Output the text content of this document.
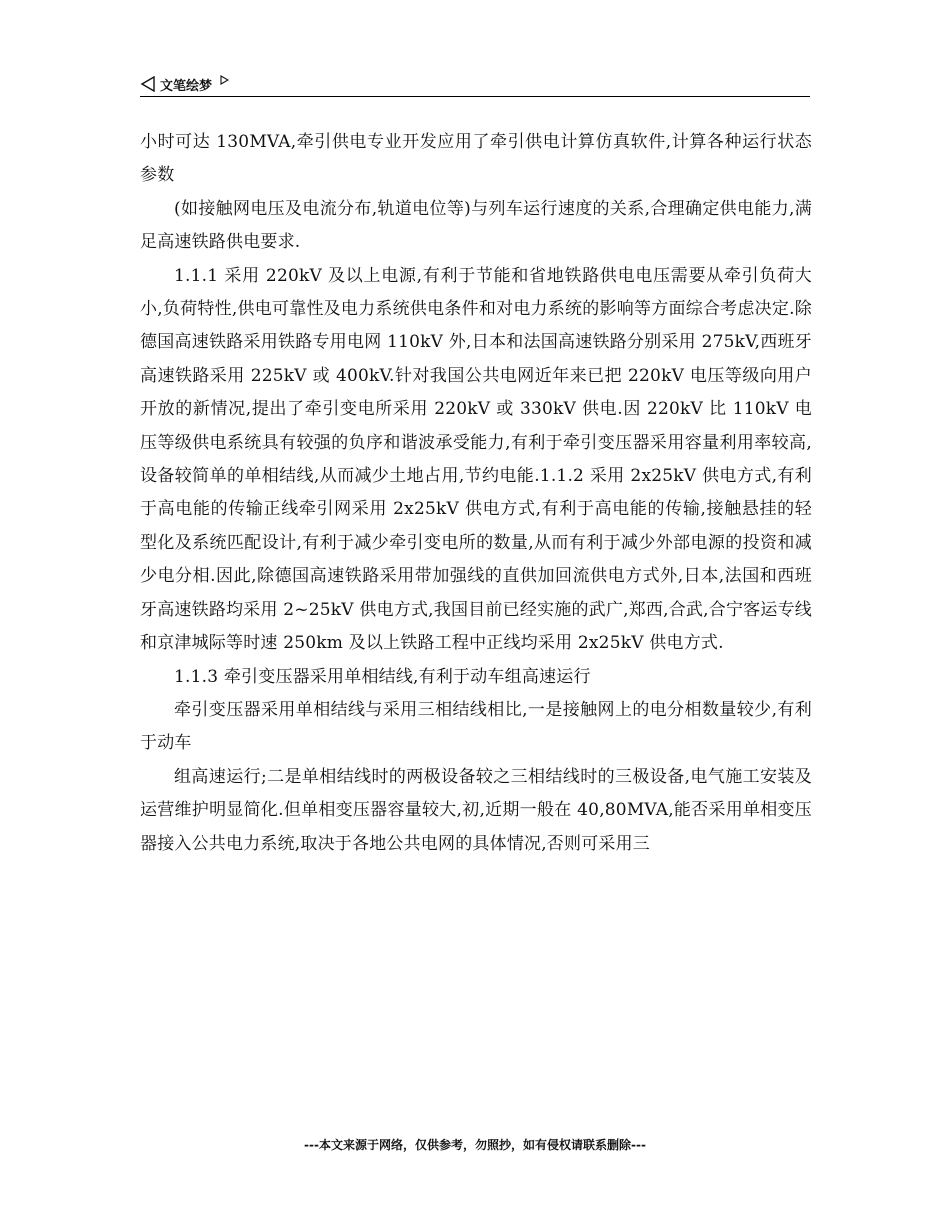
文笔绘梦

小时可达 130MVA,牵引供电专业开发应用了牵引供电计算仿真软件,计算各种运行状态参数

(如接触网电压及电流分布,轨道电位等)与列车运行速度的关系,合理确定供电能力,满足高速铁路供电要求.

1.1.1 采用 220kV 及以上电源,有利于节能和省地铁路供电电压需要从牵引负荷大小,负荷特性,供电可靠性及电力系统供电条件和对电力系统的影响等方面综合考虑决定.除德国高速铁路采用铁路专用电网 110kV 外,日本和法国高速铁路分别采用 275kV,西班牙高速铁路采用 225kV 或 400kV.针对我国公共电网近年来已把 220kV 电压等级向用户开放的新情况,提出了牵引变电所采用 220kV 或 330kV 供电.因 220kV 比 110kV 电压等级供电系统具有较强的负序和谐波承受能力,有利于牵引变压器采用容量利用率较高,设备较简单的单相结线,从而减少土地占用,节约电能.1.1.2 采用 2x25kV 供电方式,有利于高电能的传输正线牵引网采用 2x25kV 供电方式,有利于高电能的传输,接触悬挂的轻型化及系统匹配设计,有利于减少牵引变电所的数量,从而有利于减少外部电源的投资和减少电分相.因此,除德国高速铁路采用带加强线的直供加回流供电方式外,日本,法国和西班牙高速铁路均采用 2~25kV 供电方式,我国目前已经实施的武广,郑西,合武,合宁客运专线和京津城际等时速 250km 及以上铁路工程中正线均采用 2x25kV 供电方式.

1.1.3 牵引变压器采用单相结线,有利于动车组高速运行

牵引变压器采用单相结线与采用三相结线相比,一是接触网上的电分相数量较少,有利于动车

组高速运行;二是单相结线时的两极设备较之三相结线时的三极设备,电气施工安装及运营维护明显简化.但单相变压器容量较大,初,近期一般在 40,80MVA,能否采用单相变压器接入公共电力系统,取决于各地公共电网的具体情况,否则可采用三

---本文来源于网络，仅供参考，勿照抄，如有侵权请联系删除---
